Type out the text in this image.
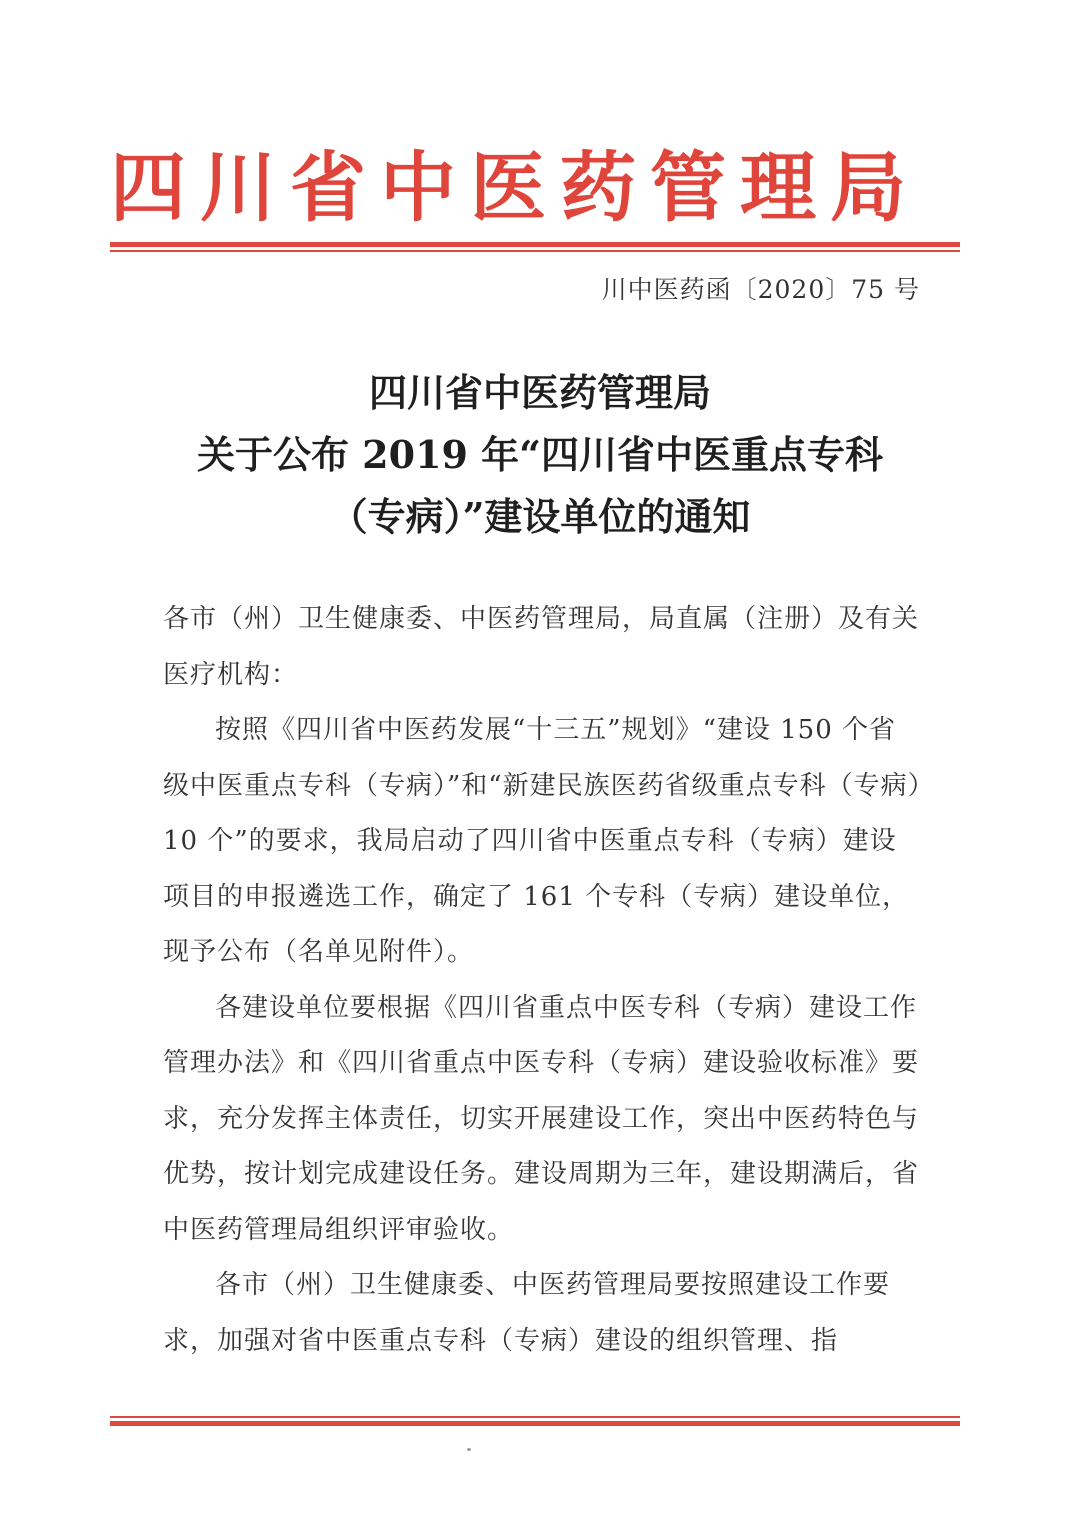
四川省中医药管理局
川中医药函〔2020〕75 号
四川省中医药管理局
关于公布 2019 年“四川省中医重点专科
（专病）”建设单位的通知

各市（州）卫生健康委、中医药管理局，局直属（注册）及有关医疗机构：

按照《四川省中医药发展“十三五”规划》“建设 150 个省级中医重点专科（专病）”和“新建民族医药省级重点专科（专病）10 个”的要求，我局启动了四川省中医重点专科（专病）建设项目的申报遴选工作，确定了 161 个专科（专病）建设单位，现予公布（名单见附件）。

各建设单位要根据《四川省重点中医专科（专病）建设工作管理办法》和《四川省重点中医专科（专病）建设验收标准》要求，充分发挥主体责任，切实开展建设工作，突出中医药特色与优势，按计划完成建设任务。建设周期为三年，建设期满后，省中医药管理局组织评审验收。

各市（州）卫生健康委、中医药管理局要按照建设工作要求，加强对省中医重点专科（专病）建设的组织管理、指
